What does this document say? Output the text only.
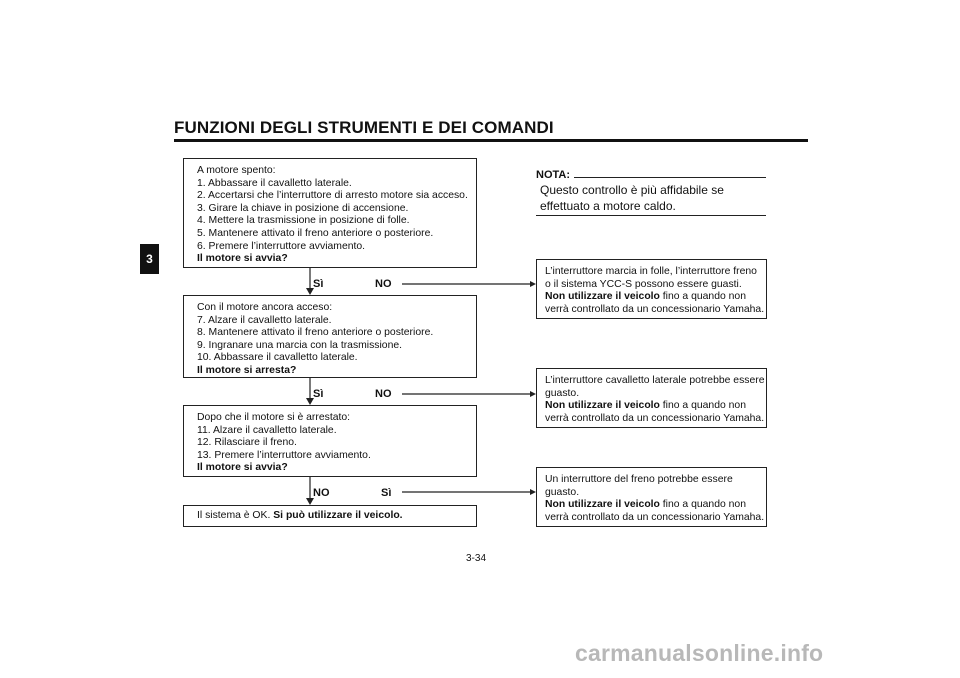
FUNZIONI DEGLI STRUMENTI E DEI COMANDI
3
A motore spento:
1. Abbassare il cavalletto laterale.
2. Accertarsi che l’interruttore di arresto motore sia acceso.
3. Girare la chiave in posizione di accensione.
4. Mettere la trasmissione in posizione di folle.
5. Mantenere attivato il freno anteriore o posteriore.
6. Premere l’interruttore avviamento.
Il motore si avvia?
Sì	NO
Con il motore ancora acceso:
7. Alzare il cavalletto laterale.
8. Mantenere attivato il freno anteriore o posteriore.
9. Ingranare una marcia con la trasmissione.
10. Abbassare il cavalletto laterale.
Il motore si arresta?
Sì	NO
Dopo che il motore si è arrestato:
11. Alzare il cavalletto laterale.
12. Rilasciare il freno.
13. Premere l’interruttore avviamento.
Il motore si avvia?
NO	Sì
Il sistema è OK. Si può utilizzare il veicolo.
NOTA:
Questo controllo è più affidabile se effettuato a motore caldo.
L’interruttore marcia in folle, l’interruttore freno
o il sistema YCC-S possono essere guasti.
Non utilizzare il veicolo fino a quando non
verrà controllato da un concessionario Yamaha.
L’interruttore cavalletto laterale potrebbe essere
guasto.
Non utilizzare il veicolo fino a quando non
verrà controllato da un concessionario Yamaha.
Un interruttore del freno potrebbe essere
guasto.
Non utilizzare il veicolo fino a quando non
verrà controllato da un concessionario Yamaha.
3-34
carmanualsonline.info
